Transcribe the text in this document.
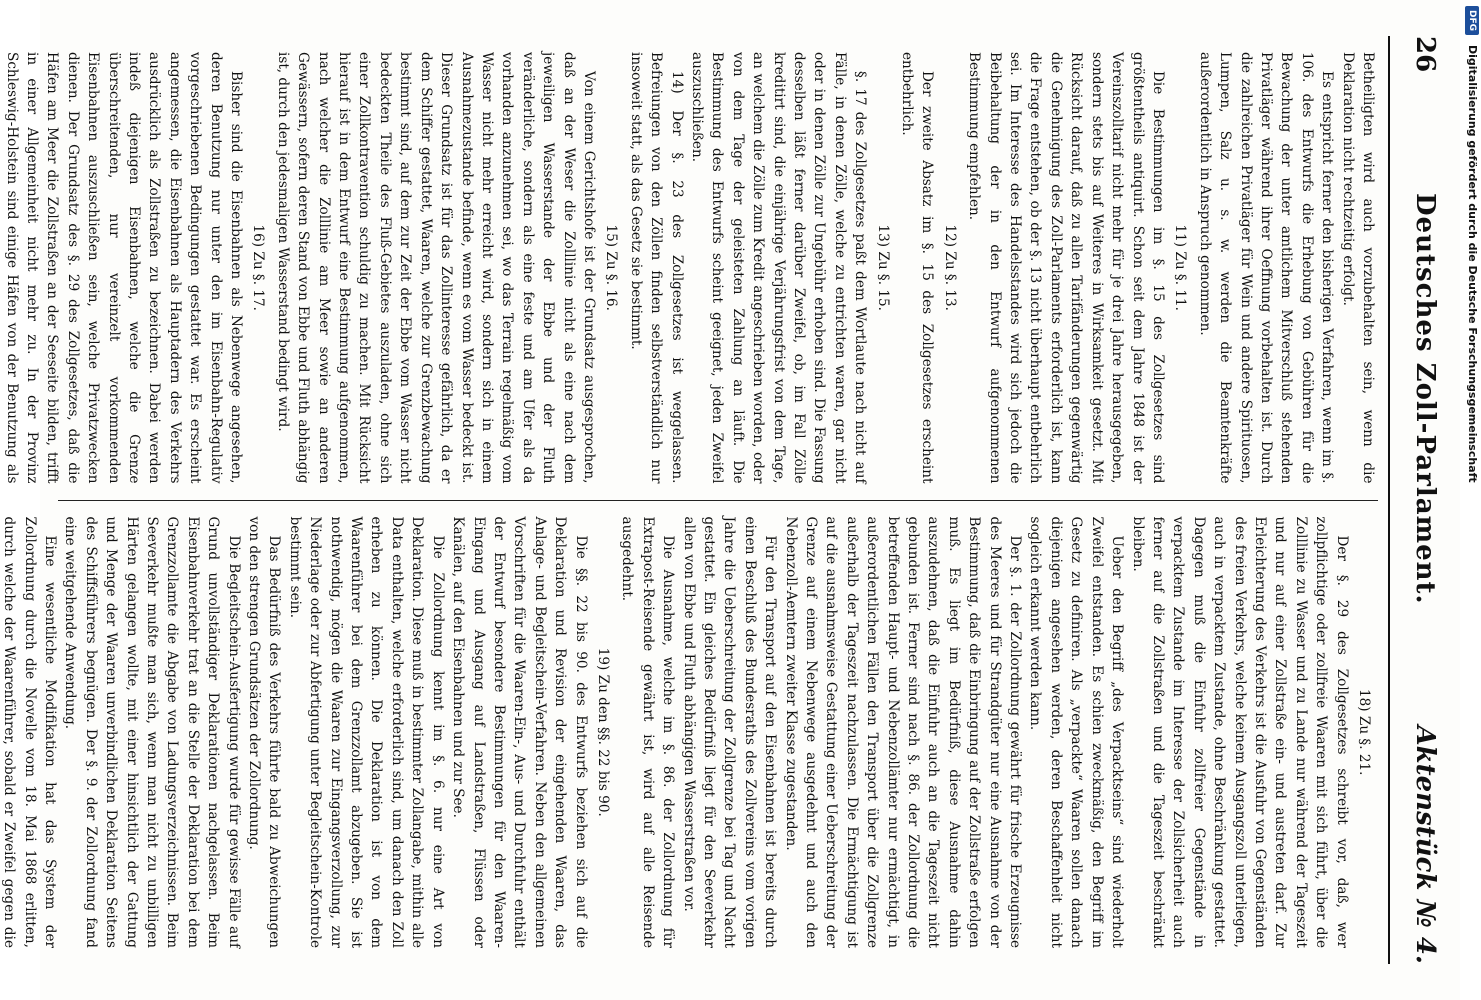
26
Deutsches Zoll-Parlament.
Aktenstück № 4.

Betheiligten wird auch vorzubehalten sein, wenn die Deklaration nicht rechtzeitig erfolgt.

Es entspricht ferner den bisherigen Verfahren, wenn im §. 106. des Entwurfs die Erhebung von Gebühren für die Bewachung der unter amtlichem Mitverschluß stehenden Privatläger während ihrer Oeffnung vorbehalten ist. Durch die zahlreichen Privatläger für Wein und andere Spirituosen, Lumpen, Salz u. s. w. werden die Beamtenkräfte außerordentlich in Anspruch genommen.

11) Zu §. 11.

Die Bestimmungen im §. 15 des Zollgesetzes sind größtentheils antiquirt. Schon seit dem Jahre 1848 ist der Vereinszolltarif nicht mehr für je drei Jahre herausgegeben, sondern stets bis auf Weiteres in Wirksamkeit gesetzt. Mit Rücksicht darauf, daß zu allen Tarifänderungen gegenwärtig die Genehmigung des Zoll-Parlaments erforderlich ist, kann die Frage entstehen, ob der §. 13 nicht überhaupt entbehrlich sei. Im Interesse des Handelsstandes wird sich jedoch die Beibehaltung der in den Entwurf aufgenommenen Bestimmung empfehlen.

12) Zu §. 13.

Der zweite Absatz im §. 15 des Zollgesetzes erscheint entbehrlich.

13) Zu §. 15.

§. 17 des Zollgesetzes paßt dem Wortlaute nach nicht auf Fälle, in denen Zölle, welche zu entrichten waren, gar nicht oder in denen Zölle zur Ungebühr erhoben sind. Die Fassung desselben läßt ferner darüber Zweifel, ob, im Fall Zölle kreditirt sind, die einjährige Verjährungsfrist von dem Tage, an welchem die Zölle zum Kredit angeschrieben worden, oder von dem Tage der geleisteten Zahlung an läuft. Die Bestimmung des Entwurfs scheint geeignet, jeden Zweifel auszuschließen.

14) Der §. 23 des Zollgesetzes ist weggelassen. Befreiungen von den Zöllen finden selbstverständlich nur insoweit statt, als das Gesetz sie bestimmt.

15) Zu §. 16.

Von einem Gerichtshofe ist der Grundsatz ausgesprochen, daß an der Weser die Zolllinie nicht als eine nach dem jeweiligen Wasserstande der Ebbe und der Fluth veränderliche, sondern als eine feste und am Ufer als da vorhanden anzunehmen sei, wo das Terrain regelmäßig vom Wasser nicht mehr erreicht wird, sondern sich in einem Ausnahmezustande befinde, wenn es vom Wasser bedeckt ist. Dieser Grundsatz ist für das Zollinteresse gefährlich, da er dem Schiffer gestattet, Waaren, welche zur Grenzbewachung bestimmt sind, auf dem zur Zeit der Ebbe vom Wasser nicht bedeckten Theile des Fluß-Gebietes auszuladen, ohne sich einer Zollkontravention schuldig zu machen. Mit Rücksicht hierauf ist in dem Entwurf eine Bestimmung aufgenommen, nach welcher die Zolllinie am Meer sowie an anderen Gewässern, sofern deren Stand von Ebbe und Fluth abhängig ist, durch den jedesmaligen Wasserstand bedingt wird.

16) Zu §. 17.

Bisher sind die Eisenbahnen als Nebenwege angesehen, deren Benutzung nur unter den im Eisenbahn-Regulativ vorgeschriebenen Bedingungen gestattet war. Es erscheint angemessen, die Eisenbahnen als Hauptadern des Verkehrs ausdrücklich als Zollstraßen zu bezeichnen. Dabei werden indeß diejenigen Eisenbahnen, welche die Grenze überschreitenden, nur vereinzelt vorkommenden Eisenbahnen auszuschließen sein, welche Privatzwecken dienen. Der Grundsatz des §. 29 des Zollgesetzes, daß die Häfen am Meer die Zollstraßen an der Seeseite bilden, trifft in einer Allgemeinheit nicht mehr zu. In der Provinz Schleswig-Holstein sind einige Häfen von der Benutzung als

18) Zu §. 21.

Der §. 29 des Zollgesetzes schreibt vor, daß, wer zollpflichtige oder zollfreie Waaren mit sich führt, über die Zolllinie zu Wasser und zu Lande nur während der Tageszeit und nur auf einer Zollstraße ein- und austreten darf. Zur Erleichterung des Verkehrs ist die Ausfuhr von Gegenständen des freien Verkehrs, welche keinem Ausgangszoll unterliegen, auch in verpacktem Zustande, ohne Beschränkung gestattet. Dagegen muß die Einfuhr zollfreier Gegenstände in verpacktem Zustande im Interesse der Zollsicherheit auch ferner auf die Zollstraßen und die Tageszeit beschränkt bleiben.

Ueber den Begriff „des Verpacktseins“ sind wiederholt Zweifel entstanden. Es schien zweckmäßig, den Begriff im Gesetz zu definiren. Als „verpackte“ Waaren sollen danach diejenigen angesehen werden, deren Beschaffenheit nicht sogleich erkannt werden kann.

Der §. 1. der Zollordnung gewährt für frische Erzeugnisse des Meeres und für Strandgüter nur eine Ausnahme von der Bestimmung, daß die Einbringung auf der Zollstraße erfolgen muß. Es liegt im Bedürfniß, diese Ausnahme dahin auszudehnen, daß die Einfuhr auch an die Tageszeit nicht gebunden ist. Ferner sind nach §. 86. der Zollordnung die betreffenden Haupt- und Nebenzollämter nur ermächtigt, in außerordentlichen Fällen den Transport über die Zollgrenze außerhalb der Tageszeit nachzulassen. Die Ermächtigung ist auf die ausnahmsweise Gestattung einer Ueberschreitung der Grenze auf einem Nebenwege ausgedehnt und auch den Nebenzoll-Aemtern zweiter Klasse zugestanden.

Für den Transport auf den Eisenbahnen ist bereits durch einen Beschluß des Bundesraths des Zollvereins vom vorigen Jahre die Ueberschreitung der Zollgrenze bei Tag und Nacht gestattet. Ein gleiches Bedürfniß liegt für den Seeverkehr allen von Ebbe und Fluth abhängigen Wasserstraßen vor.

Die Ausnahme, welche im §. 86. der Zollordnung für Extrapost-Reisende gewährt ist, wird auf alle Reisende ausgedehnt.

19) Zu den §§. 22 bis 90.

Die §§. 22 bis 90. des Entwurfs beziehen sich auf die Deklaration und Revision der eingehenden Waaren, das Anlage- und Begleitschein-Verfahren. Neben den allgemeinen Vorschriften für die Waaren-Ein-, Aus- und Durchfuhr enthält der Entwurf besondere Bestimmungen für den Waaren-Eingang und Ausgang auf Landstraßen, Flüssen oder Kanälen, auf den Eisenbahnen und zur See.

Die Zollordnung kennt im §. 6. nur eine Art von Deklaration. Diese muß in bestimmter Zollangabe, mithin alle Data enthalten, welche erforderlich sind, um danach den Zoll erheben zu können. Die Deklaration ist von dem Waarenführer bei dem Grenzzollamt abzugeben. Sie ist nothwendig, mögen die Waaren zur Eingangsverzollung, zur Niederlage oder zur Abfertigung unter Begleitschein-Kontrole bestimmt sein.

Das Bedürfniß des Verkehrs führte bald zu Abweichungen von den strengen Grundsätzen der Zollordnung.

Die Begleitschein-Ausfertigung wurde für gewisse Fälle auf Grund unvollständiger Deklarationen nachgelassen. Beim Eisenbahnverkehr trat an die Stelle der Deklaration bei dem Grenzzollamte die Abgabe von Ladungsverzeichnissen. Beim Seeverkehr mußte man sich, wenn man nicht zu unbilligen Härten gelangen wollte, mit einer hinsichtlich der Gattung und Menge der Waaren unverbindlichen Deklaration Seitens des Schiffsführers begnügen. Der §. 9. der Zollordnung fand eine weitgehende Anwendung.

Eine wesentliche Modifikation hat das System der Zollordnung durch die Novelle vom 18. Mai 1868 erlitten, durch welche der Waarenführer, sobald er Zweifel gegen die

DFG
Digitalisierung gefördert durch die Deutsche Forschungsgemeinschaft
